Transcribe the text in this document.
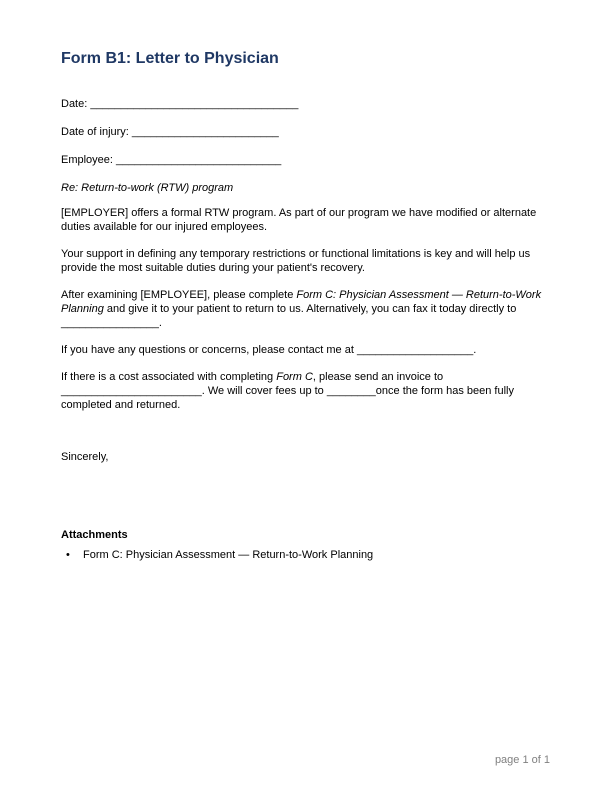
Form B1: Letter to Physician
Date: __________________________________
Date of injury: ________________________
Employee: ___________________________
Re: Return-to-work (RTW) program

[EMPLOYER] offers a formal RTW program. As part of our program we have modified or alternate duties available for our injured employees.

Your support in defining any temporary restrictions or functional limitations is key and will help us provide the most suitable duties during your patient's recovery.

After examining [EMPLOYEE], please complete Form C: Physician Assessment — Return-to-Work Planning and give it to your patient to return to us. Alternatively, you can fax it today directly to ________________.

If you have any questions or concerns, please contact me at ___________________.

If there is a cost associated with completing Form C, please send an invoice to _______________________. We will cover fees up to ________once the form has been fully completed and returned.

Sincerely,
Attachments
•	Form C: Physician Assessment — Return-to-Work Planning
page 1 of 1
